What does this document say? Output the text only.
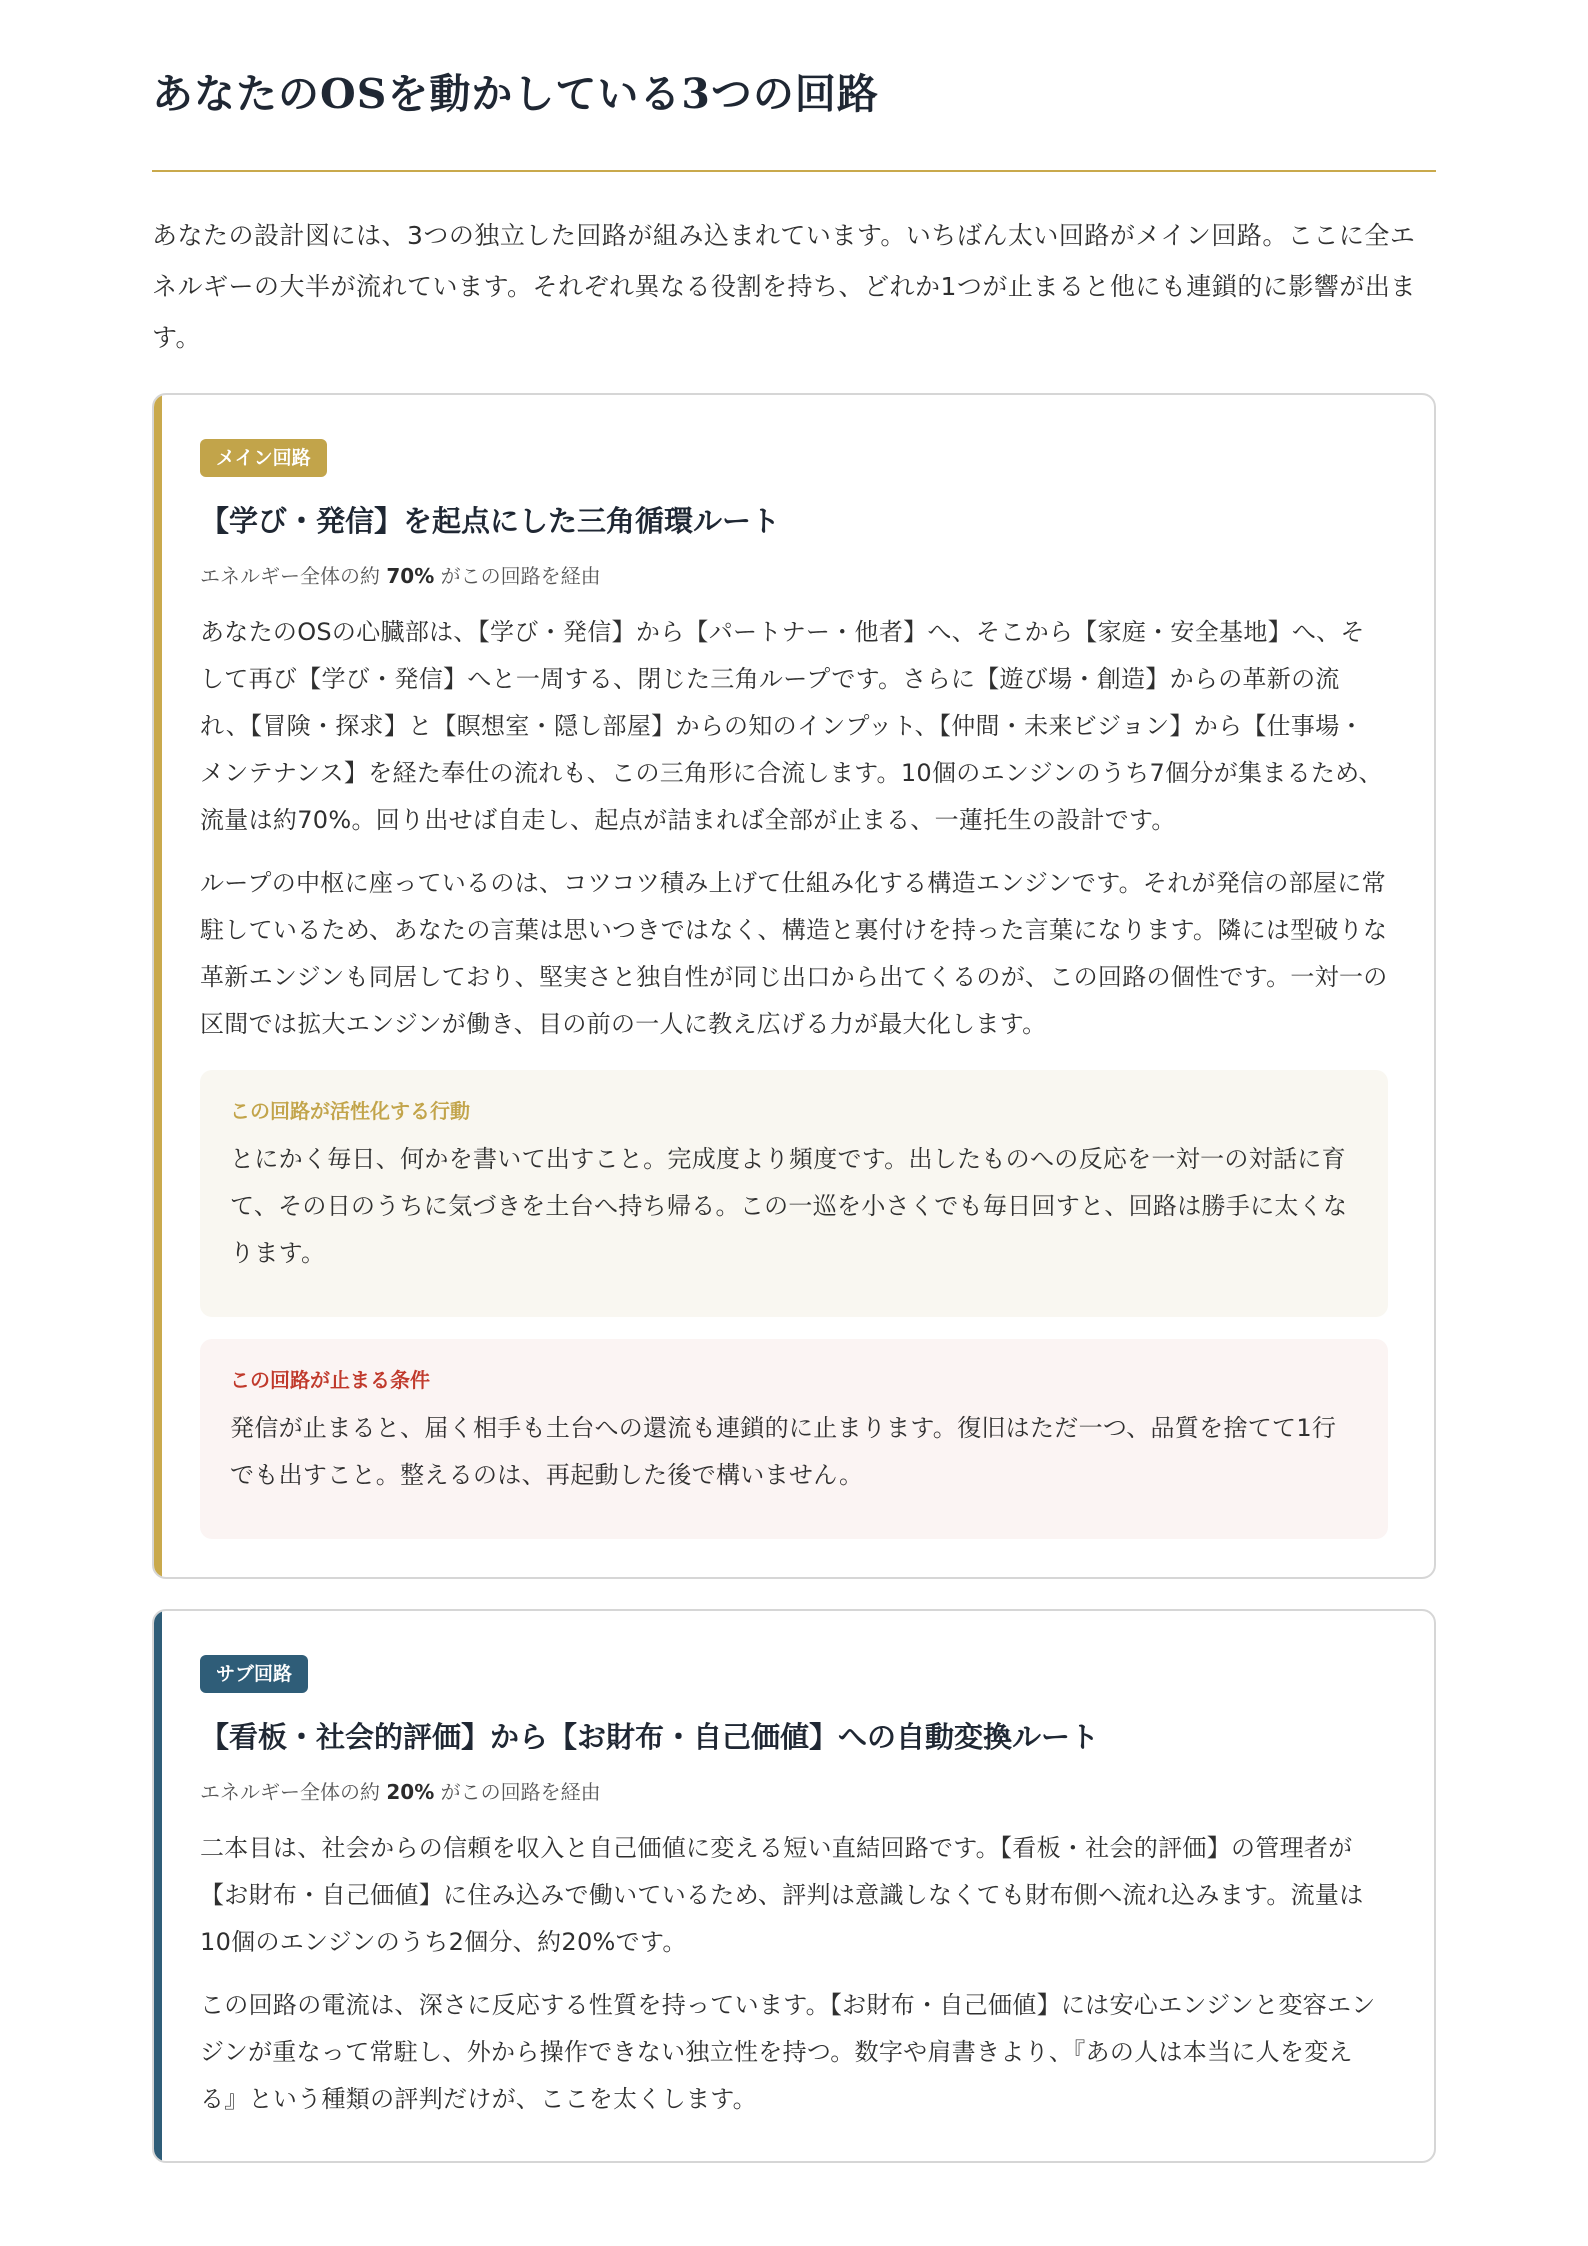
あなたのOSを動かしている3つの回路

あなたの設計図には、3つの独立した回路が組み込まれています。いちばん太い回路がメイン回路。ここに全エネルギーの大半が流れています。それぞれ異なる役割を持ち、どれか1つが止まると他にも連鎖的に影響が出ます。

メイン回路
【学び・発信】を起点にした三角循環ルート

エネルギー全体の約 70% がこの回路を経由

あなたのOSの心臓部は、【学び・発信】から【パートナー・他者】へ、そこから【家庭・安全基地】へ、そして再び【学び・発信】へと一周する、閉じた三角ループです。さらに【遊び場・創造】からの革新の流れ、【冒険・探求】と【瞑想室・隠し部屋】からの知のインプット、【仲間・未来ビジョン】から【仕事場・メンテナンス】を経た奉仕の流れも、この三角形に合流します。10個のエンジンのうち7個分が集まるため、流量は約70%。回り出せば自走し、起点が詰まれば全部が止まる、一蓮托生の設計です。

ループの中枢に座っているのは、コツコツ積み上げて仕組み化する構造エンジンです。それが発信の部屋に常駐しているため、あなたの言葉は思いつきではなく、構造と裏付けを持った言葉になります。隣には型破りな革新エンジンも同居しており、堅実さと独自性が同じ出口から出てくるのが、この回路の個性です。一対一の区間では拡大エンジンが働き、目の前の一人に教え広げる力が最大化します。

この回路が活性化する行動

とにかく毎日、何かを書いて出すこと。完成度より頻度です。出したものへの反応を一対一の対話に育て、その日のうちに気づきを土台へ持ち帰る。この一巡を小さくでも毎日回すと、回路は勝手に太くなります。

この回路が止まる条件

発信が止まると、届く相手も土台への還流も連鎖的に止まります。復旧はただ一つ、品質を捨てて1行でも出すこと。整えるのは、再起動した後で構いません。

サブ回路
【看板・社会的評価】から【お財布・自己価値】への自動変換ルート

エネルギー全体の約 20% がこの回路を経由

二本目は、社会からの信頼を収入と自己価値に変える短い直結回路です。【看板・社会的評価】の管理者が【お財布・自己価値】に住み込みで働いているため、評判は意識しなくても財布側へ流れ込みます。流量は10個のエンジンのうち2個分、約20%です。

この回路の電流は、深さに反応する性質を持っています。【お財布・自己価値】には安心エンジンと変容エンジンが重なって常駐し、外から操作できない独立性を持つ。数字や肩書きより、『あの人は本当に人を変える』という種類の評判だけが、ここを太くします。
